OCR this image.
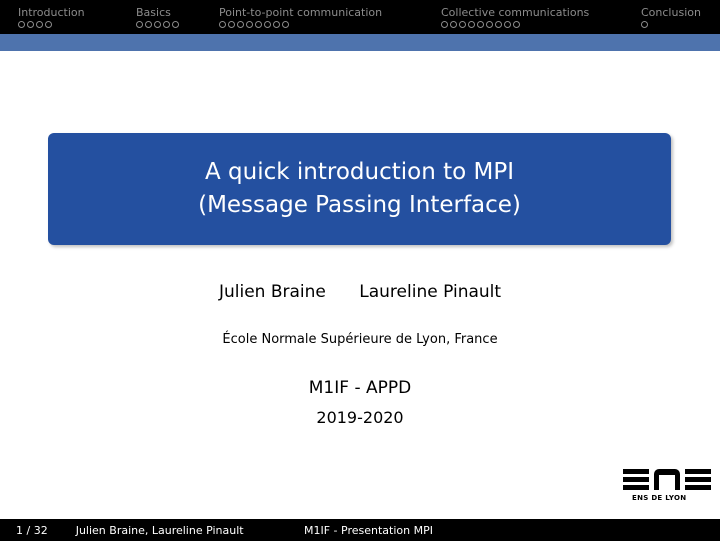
Introduction	Basics	Point-to-point communication	Collective communications	Conclusion
A quick introduction to MPI
(Message Passing Interface)
Julien Braine Laureline Pinault
École Normale Supérieure de Lyon, France
M1IF - APPD
2019-2020
ENS DE LYON
1 / 32	Julien Braine, Laureline Pinault	M1IF - Presentation MPI
